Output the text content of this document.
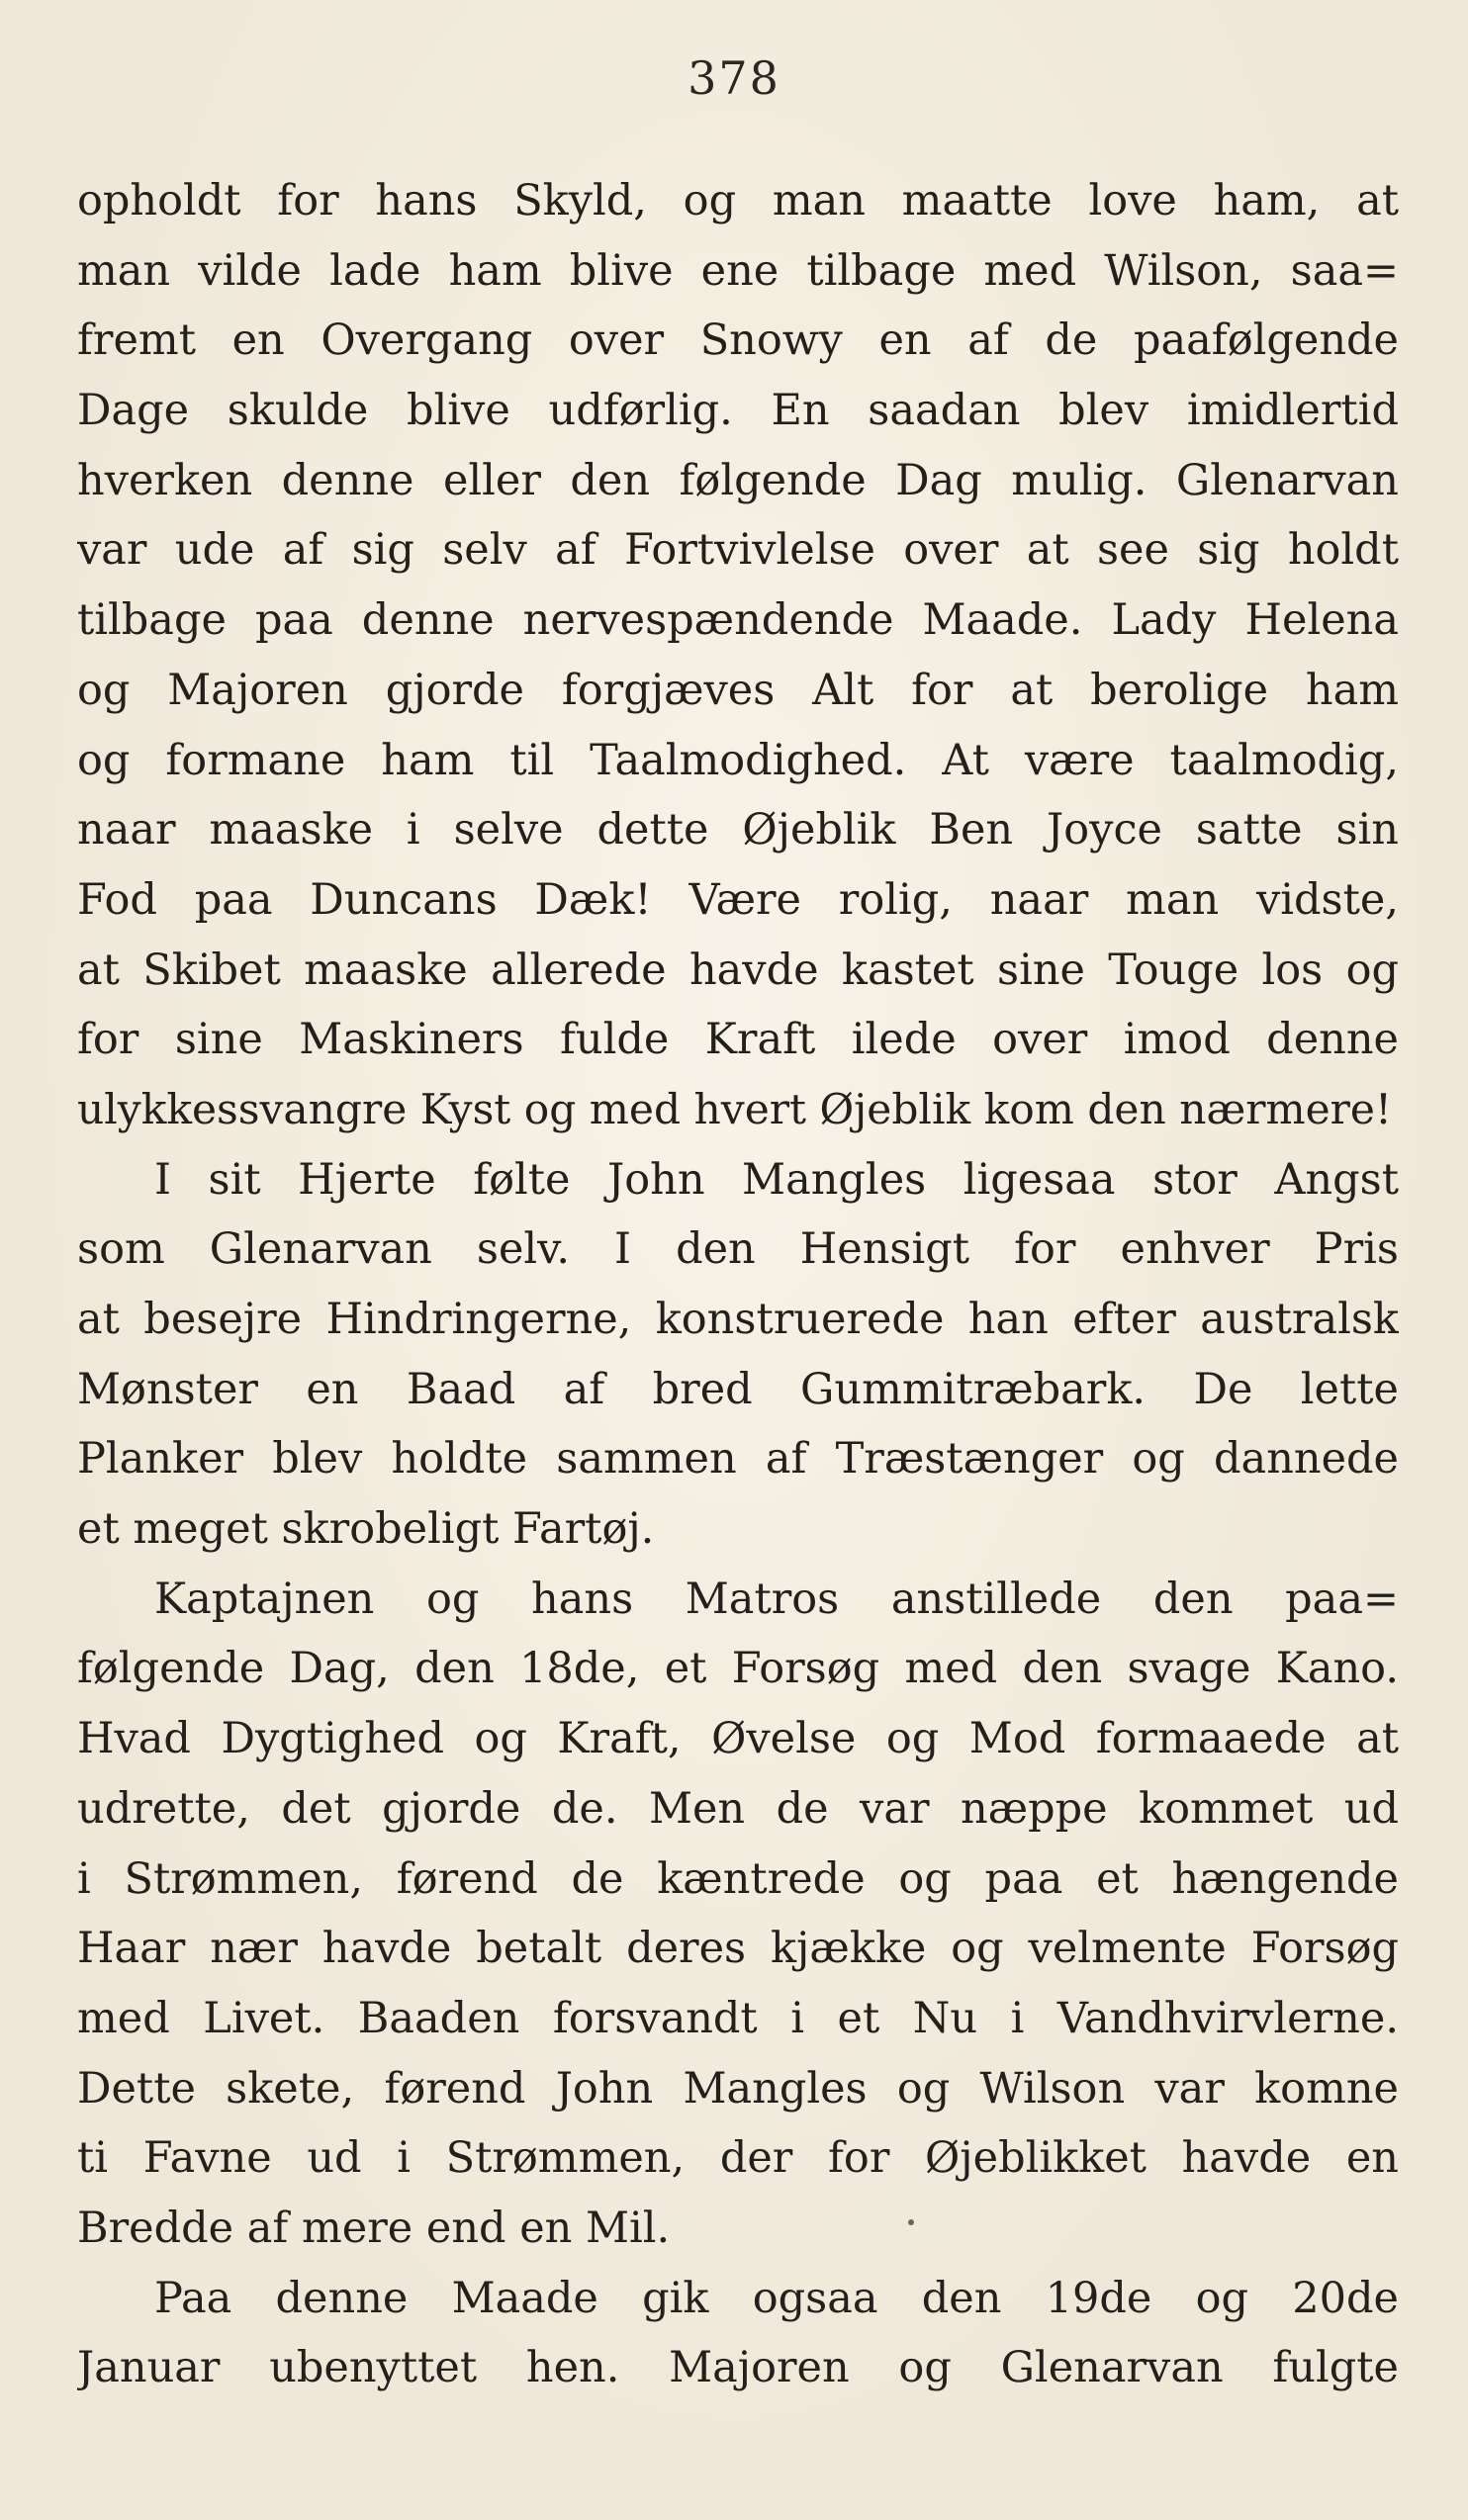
378
opholdt for hans Skyld, og man maatte love ham, at
man vilde lade ham blive ene tilbage med Wilson, saa=
fremt en Overgang over Snowy en af de paafølgende
Dage skulde blive udførlig. En saadan blev imidlertid
hverken denne eller den følgende Dag mulig. Glenarvan
var ude af sig selv af Fortvivlelse over at see sig holdt
tilbage paa denne nervespændende Maade. Lady Helena
og Majoren gjorde forgjæves Alt for at berolige ham
og formane ham til Taalmodighed. At være taalmodig,
naar maaske i selve dette Øjeblik Ben Joyce satte sin
Fod paa Duncans Dæk! Være rolig, naar man vidste,
at Skibet maaske allerede havde kastet sine Touge los og
for sine Maskiners fulde Kraft ilede over imod denne
ulykkessvangre Kyst og med hvert Øjeblik kom den nærmere!
I sit Hjerte følte John Mangles ligesaa stor Angst
som Glenarvan selv. I den Hensigt for enhver Pris
at besejre Hindringerne, konstruerede han efter australsk
Mønster en Baad af bred Gummitræbark. De lette
Planker blev holdte sammen af Træstænger og dannede
et meget skrobeligt Fartøj.
Kaptajnen og hans Matros anstillede den paa=
følgende Dag, den 18de, et Forsøg med den svage Kano.
Hvad Dygtighed og Kraft, Øvelse og Mod formaaede at
udrette, det gjorde de. Men de var næppe kommet ud
i Strømmen, førend de kæntrede og paa et hængende
Haar nær havde betalt deres kjække og velmente Forsøg
med Livet. Baaden forsvandt i et Nu i Vandhvirvlerne.
Dette skete, førend John Mangles og Wilson var komne
ti Favne ud i Strømmen, der for Øjeblikket havde en
Bredde af mere end en Mil.
Paa denne Maade gik ogsaa den 19de og 20de
Januar ubenyttet hen. Majoren og Glenarvan fulgte
